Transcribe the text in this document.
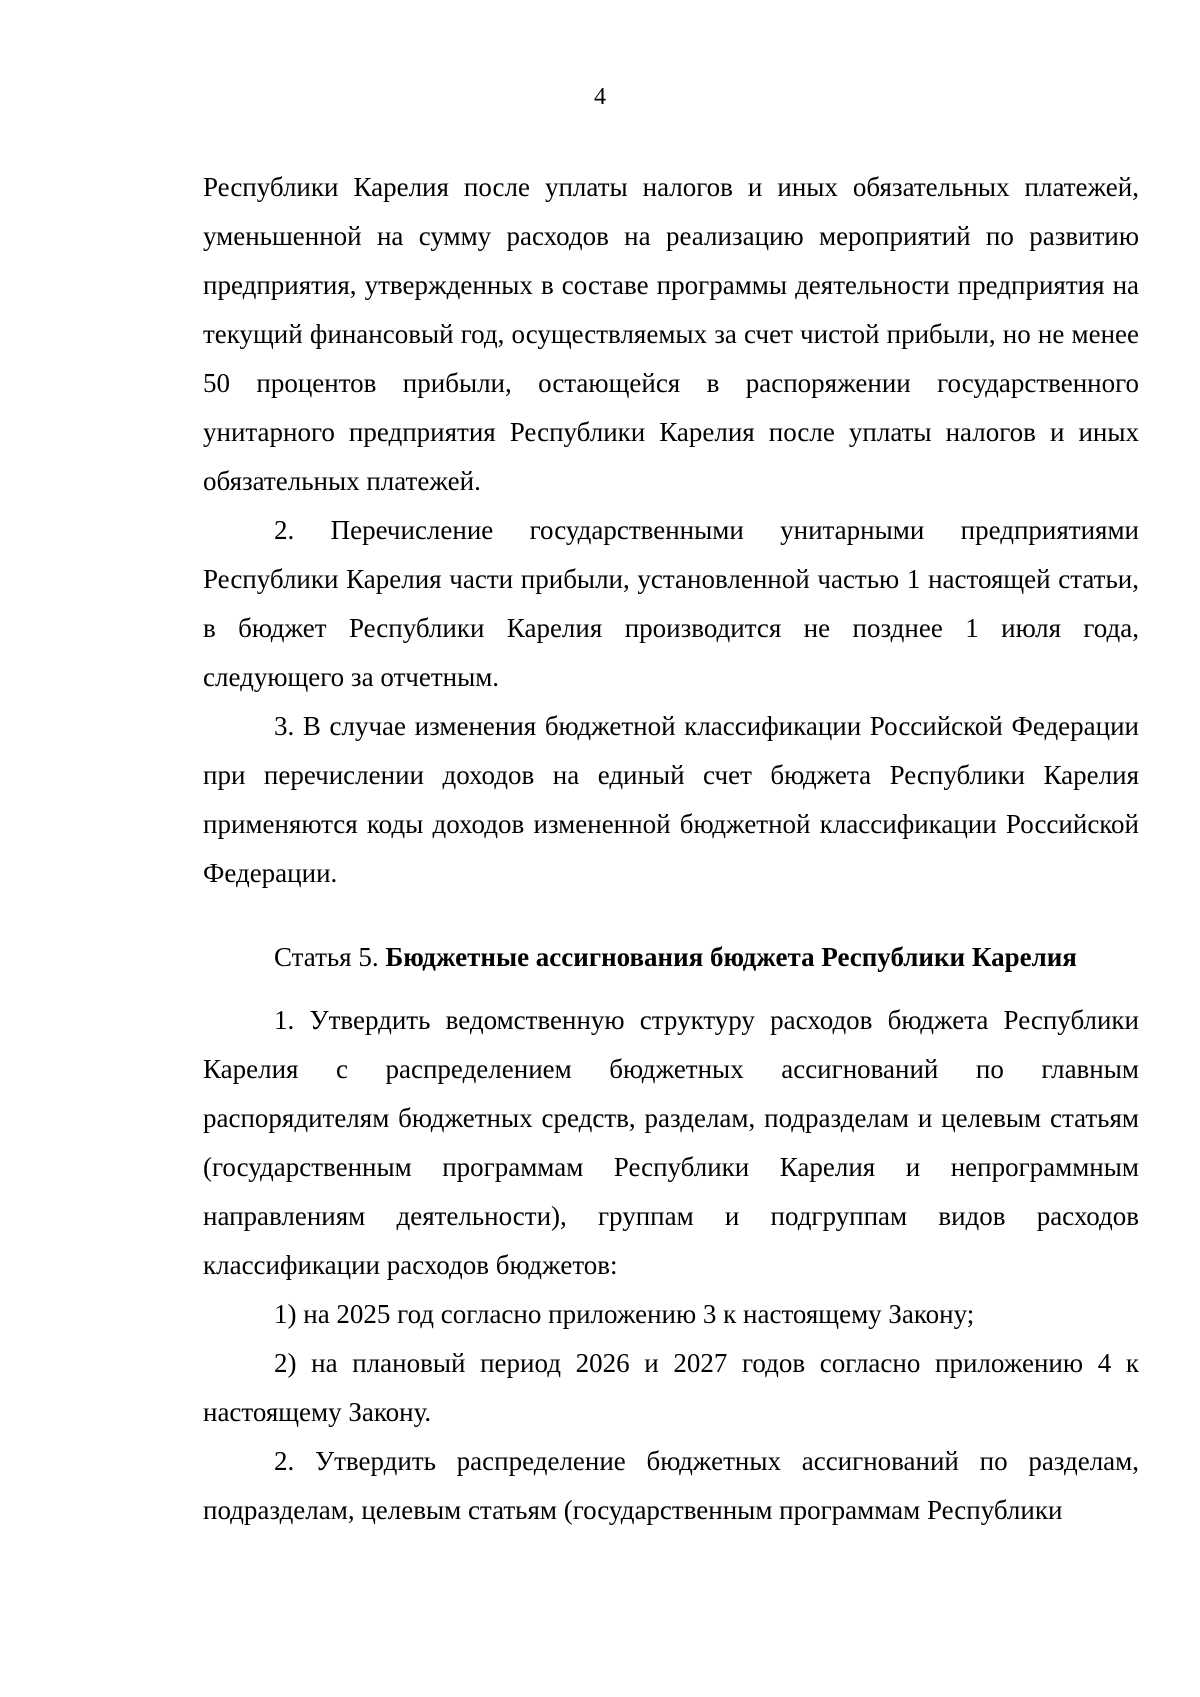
4

Республики Карелия после уплаты налогов и иных обязательных платежей, уменьшенной на сумму расходов на реализацию мероприятий по развитию предприятия, утвержденных в составе программы деятельности предприятия на текущий финансовый год, осуществляемых за счет чистой прибыли, но не менее 50 процентов прибыли, остающейся в распоряжении государственного унитарного предприятия Республики Карелия после уплаты налогов и иных обязательных платежей.

2. Перечисление государственными унитарными предприятиями Республики Карелия части прибыли, установленной частью 1 настоящей статьи, в бюджет Республики Карелия производится не позднее 1 июля года, следующего за отчетным.

3. В случае изменения бюджетной классификации Российской Федерации при перечислении доходов на единый счет бюджета Республики Карелия применяются коды доходов измененной бюджетной классификации Российской Федерации.

Статья 5. Бюджетные ассигнования бюджета Республики Карелия

1. Утвердить ведомственную структуру расходов бюджета Республики Карелия с распределением бюджетных ассигнований по главным распорядителям бюджетных средств, разделам, подразделам и целевым статьям (государственным программам Республики Карелия и непрограммным направлениям деятельности), группам и подгруппам видов расходов классификации расходов бюджетов:

1) на 2025 год согласно приложению 3 к настоящему Закону;

2) на плановый период 2026 и 2027 годов согласно приложению 4 к настоящему Закону.

2. Утвердить распределение бюджетных ассигнований по разделам, подразделам, целевым статьям (государственным программам Республики
